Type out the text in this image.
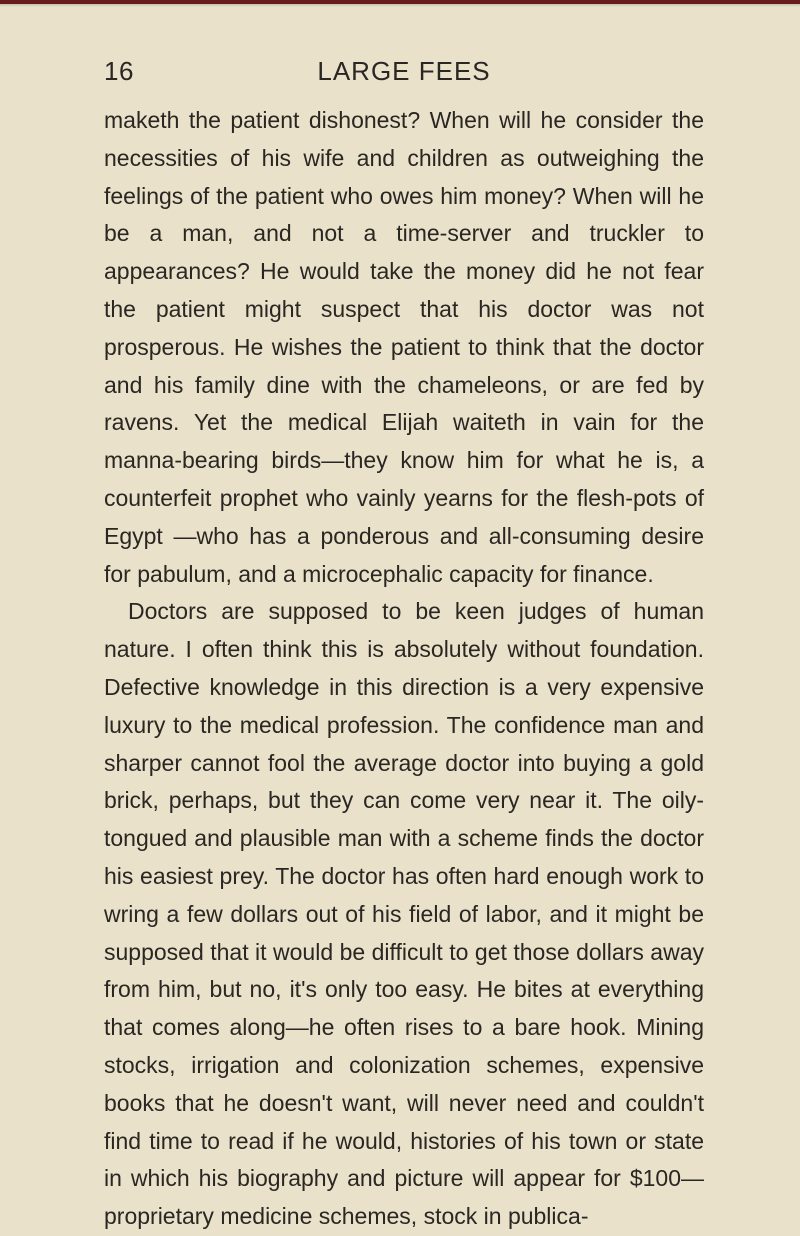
16	LARGE FEES

maketh the patient dishonest? When will he consider the necessities of his wife and children as outweighing the feelings of the patient who owes him money? When will he be a man, and not a time-server and truckler to appearances? He would take the money did he not fear the patient might suspect that his doctor was not prosperous. He wishes the patient to think that the doctor and his family dine with the chameleons, or are fed by ravens. Yet the medical Elijah waiteth in vain for the manna-bearing birds—they know him for what he is, a counterfeit prophet who vainly yearns for the flesh-pots of Egypt —who has a ponderous and all-consuming desire for pabulum, and a microcephalic capacity for finance.

Doctors are supposed to be keen judges of human nature. I often think this is absolutely without foundation. Defective knowledge in this direction is a very expensive luxury to the medical profession. The confidence man and sharper cannot fool the average doctor into buying a gold brick, perhaps, but they can come very near it. The oily-tongued and plausible man with a scheme finds the doctor his easiest prey. The doctor has often hard enough work to wring a few dollars out of his field of labor, and it might be supposed that it would be difficult to get those dollars away from him, but no, it's only too easy. He bites at everything that comes along—he often rises to a bare hook. Mining stocks, irrigation and colonization schemes, expensive books that he doesn't want, will never need and couldn't find time to read if he would, histories of his town or state in which his biography and picture will appear for $100—proprietary medicine schemes, stock in publica-
